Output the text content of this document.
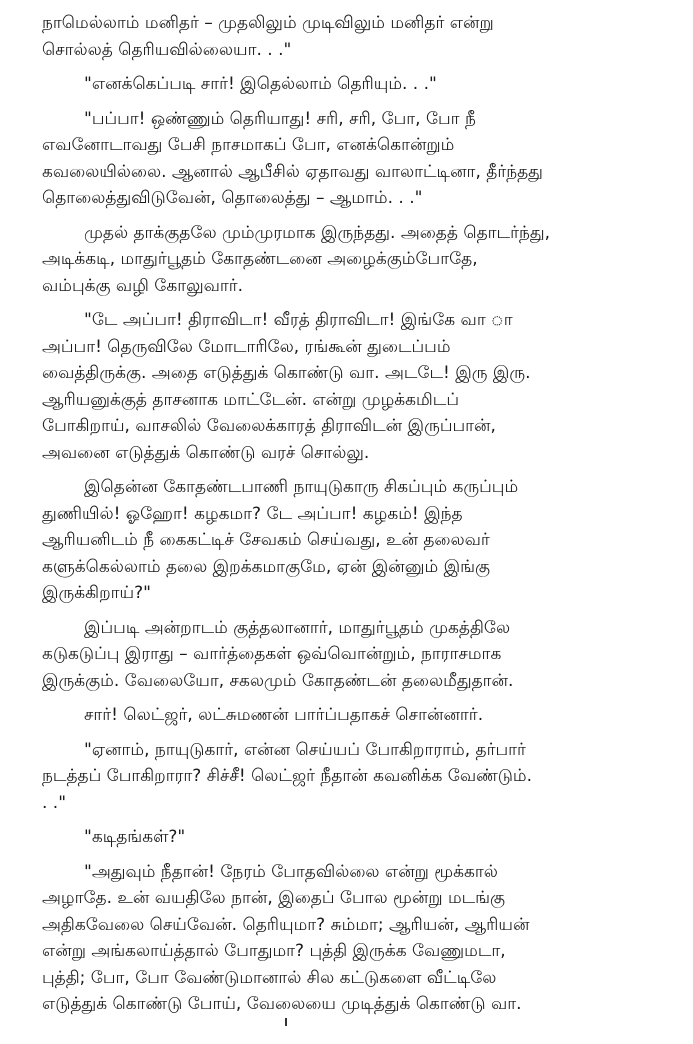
நாமெல்லாம் மனிதர் – முதலிலும் முடிவிலும் மனிதர் என்று
சொல்லத் தெரியவில்லையா. . ."
"எனக்கெப்படி சார்! இதெல்லாம் தெரியும். . ."
"பப்பா! ஒண்ணும் தெரியாது! சரி, சரி, போ, போ நீ
எவனோடாவது பேசி நாசமாகப் போ, எனக்கொன்றும்
கவலையில்லை. ஆனால் ஆபீசில் ஏதாவது வாலாட்டினா, தீர்ந்தது
தொலைத்துவிடுவேன், தொலைத்து – ஆமாம். . ."
முதல் தாக்குதலே மும்முரமாக இருந்தது. அதைத் தொடர்ந்து,
அடிக்கடி, மாதுர்பூதம் கோதண்டனை அழைக்கும்போதே,
வம்புக்கு வழி கோலுவார்.
"டே அப்பா! திராவிடா! வீரத் திராவிடா! இங்கே வா ா
அப்பா! தெருவிலே மோடாரிலே, ரங்கூன் துடைப்பம்
வைத்திருக்கு. அதை எடுத்துக் கொண்டு வா. அடடே! இரு இரு.
ஆரியனுக்குத் தாசனாக மாட்டேன். என்று முழக்கமிடப்
போகிறாய், வாசலில் வேலைக்காரத் திராவிடன் இருப்பான்,
அவனை எடுத்துக் கொண்டு வரச் சொல்லு.
இதென்ன கோதண்டபாணி நாயுடுகாரு சிகப்பும் கருப்பும்
துணியில்! ஓஹோ! கழகமா? டே அப்பா! கழகம்! இந்த
ஆரியனிடம் நீ கைகட்டிச் சேவகம் செய்வது, உன் தலைவர்
களுக்கெல்லாம் தலை இறக்கமாகுமே, ஏன் இன்னும் இங்கு
இருக்கிறாய்?"
இப்படி அன்றாடம் குத்தலானார், மாதுர்பூதம் முகத்திலே
கடுகடுப்பு இராது – வார்த்தைகள் ஒவ்வொன்றும், நாராசமாக
இருக்கும். வேலையோ, சகலமும் கோதண்டன் தலைமீதுதான்.
சார்! லெட்ஜர், லட்சுமணன் பார்ப்பதாகச் சொன்னார்.
"ஏனாம், நாயுடுகார், என்ன செய்யப் போகிறாராம், தர்பார்
நடத்தப் போகிறாரா? சிச்சீ! லெட்ஜர் நீதான் கவனிக்க வேண்டும்.
. ."
"கடிதங்கள்?"
"அதுவும் நீதான்! நேரம் போதவில்லை என்று மூக்கால்
அழாதே. உன் வயதிலே நான், இதைப் போல மூன்று மடங்கு
அதிகவேலை செய்வேன். தெரியுமா? சும்மா; ஆரியன், ஆரியன்
என்று அங்கலாய்த்தால் போதுமா? புத்தி இருக்க வேணுமடா,
புத்தி; போ, போ வேண்டுமானால் சில கட்டுகளை வீட்டிலே
எடுத்துக் கொண்டு போய், வேலையை முடித்துக் கொண்டு வா.
